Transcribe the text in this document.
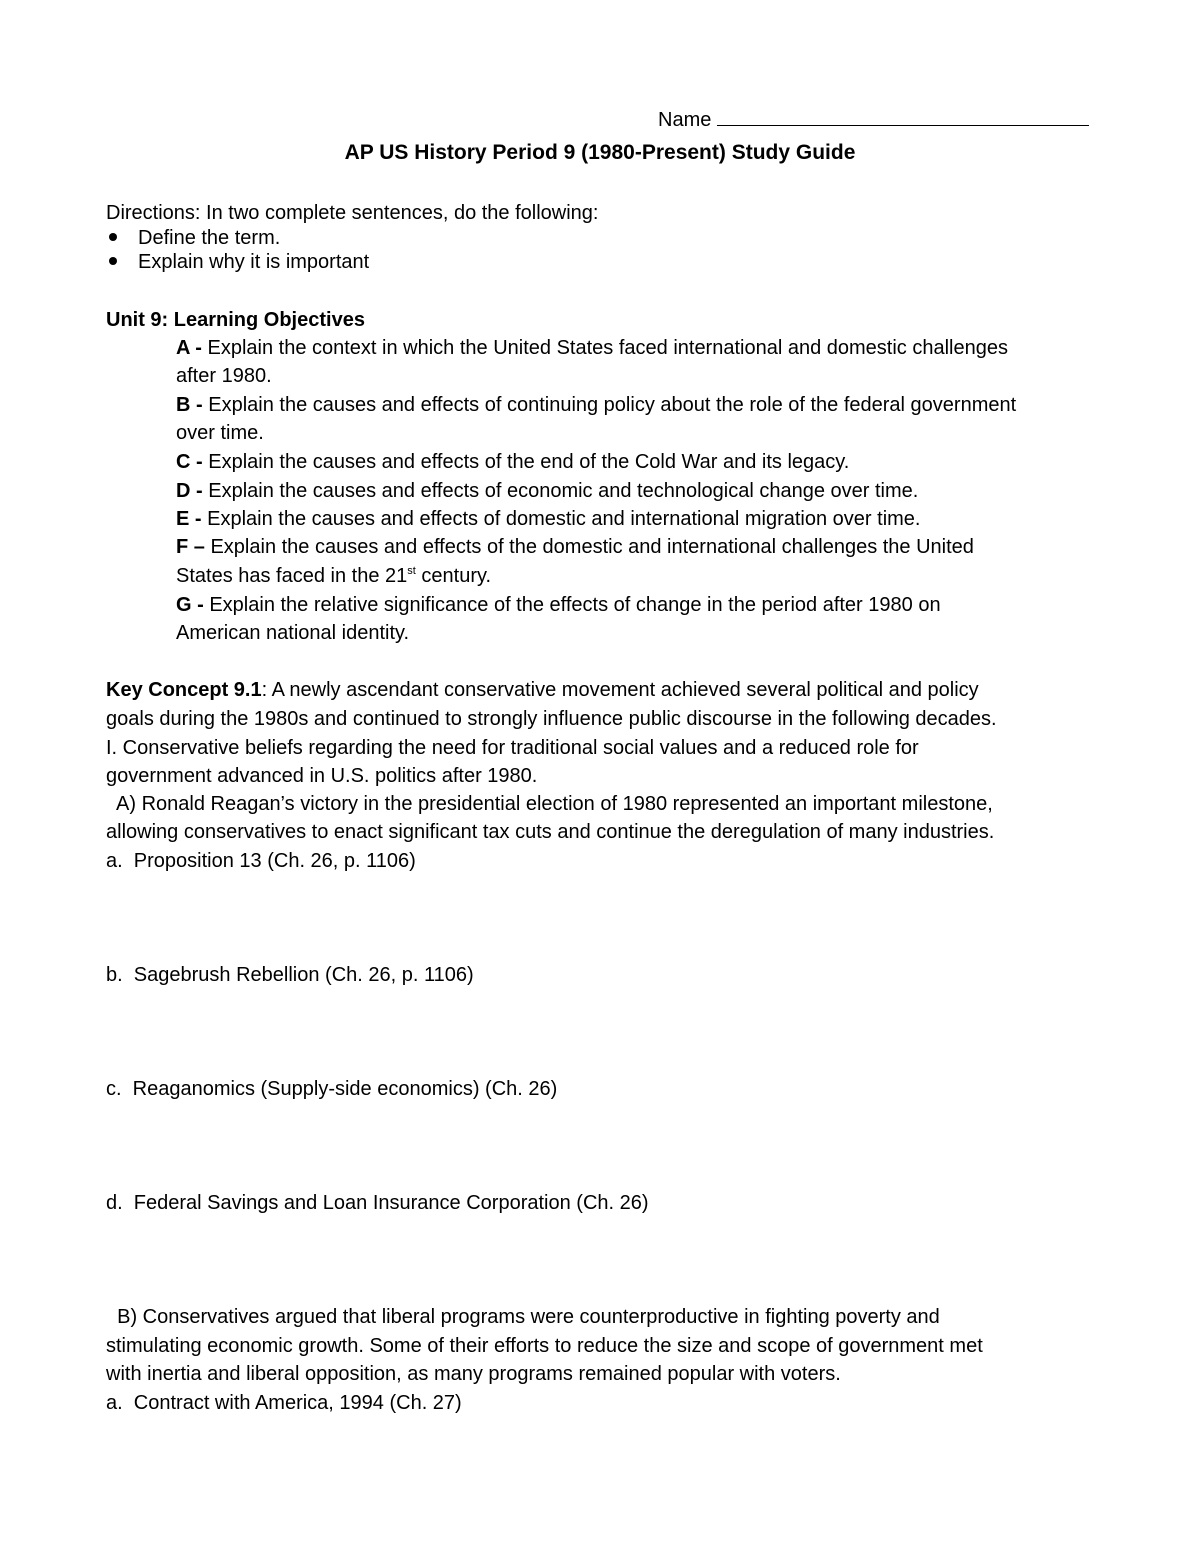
Name
AP US History Period 9 (1980-Present) Study Guide
Directions: In two complete sentences, do the following:
Define the term.
Explain why it is important
Unit 9: Learning Objectives
A - Explain the context in which the United States faced international and domestic challenges
after 1980.
B - Explain the causes and effects of continuing policy about the role of the federal government
over time.
C - Explain the causes and effects of the end of the Cold War and its legacy.
D - Explain the causes and effects of economic and technological change over time.
E - Explain the causes and effects of domestic and international migration over time.
F – Explain the causes and effects of the domestic and international challenges the United
States has faced in the 21st century.
G - Explain the relative significance of the effects of change in the period after 1980 on
American national identity.
Key Concept 9.1: A newly ascendant conservative movement achieved several political and policy
goals during the 1980s and continued to strongly influence public discourse in the following decades.
I. Conservative beliefs regarding the need for traditional social values and a reduced role for
government advanced in U.S. politics after 1980.
A) Ronald Reagan’s victory in the presidential election of 1980 represented an important milestone,
allowing conservatives to enact significant tax cuts and continue the deregulation of many industries.
a.  Proposition 13 (Ch. 26, p. 1106)
b.  Sagebrush Rebellion (Ch. 26, p. 1106)
c.  Reaganomics (Supply-side economics) (Ch. 26)
d.  Federal Savings and Loan Insurance Corporation (Ch. 26)
B) Conservatives argued that liberal programs were counterproductive in fighting poverty and
stimulating economic growth. Some of their efforts to reduce the size and scope of government met
with inertia and liberal opposition, as many programs remained popular with voters.
a.  Contract with America, 1994 (Ch. 27)
